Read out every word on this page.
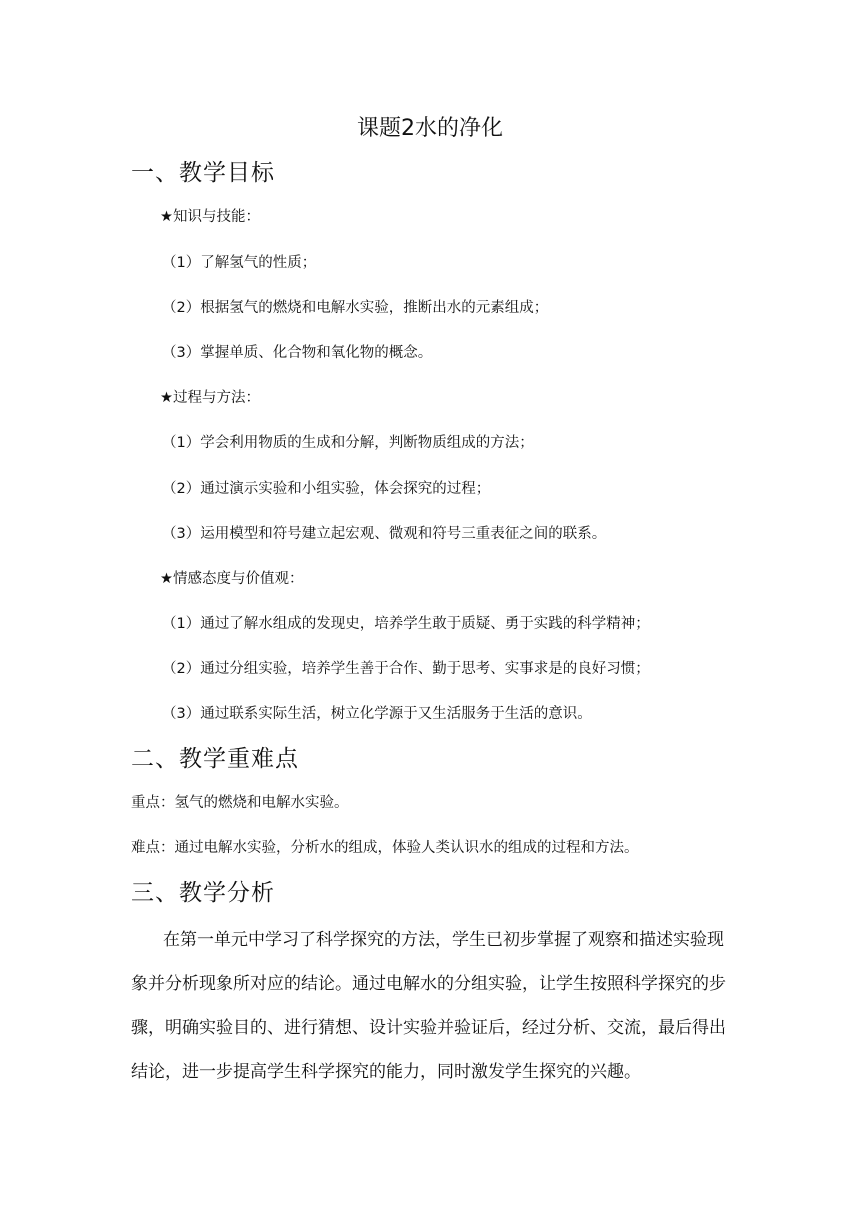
课题2水的净化
一、教学目标

★知识与技能：

（1）了解氢气的性质；

（2）根据氢气的燃烧和电解水实验，推断出水的元素组成；

（3）掌握单质、化合物和氧化物的概念。

★过程与方法：

（1）学会利用物质的生成和分解，判断物质组成的方法；

（2）通过演示实验和小组实验，体会探究的过程；

（3）运用模型和符号建立起宏观、微观和符号三重表征之间的联系。

★情感态度与价值观：

（1）通过了解水组成的发现史，培养学生敢于质疑、勇于实践的科学精神；

（2）通过分组实验，培养学生善于合作、勤于思考、实事求是的良好习惯；

（3）通过联系实际生活，树立化学源于又生活服务于生活的意识。

二、教学重难点

重点：氢气的燃烧和电解水实验。

难点：通过电解水实验，分析水的组成，体验人类认识水的组成的过程和方法。

三、教学分析
在第一单元中学习了科学探究的方法，学生已初步掌握了观察和描述实验现
象并分析现象所对应的结论。通过电解水的分组实验，让学生按照科学探究的步
骤，明确实验目的、进行猜想、设计实验并验证后，经过分析、交流，最后得出
结论，进一步提高学生科学探究的能力，同时激发学生探究的兴趣。
